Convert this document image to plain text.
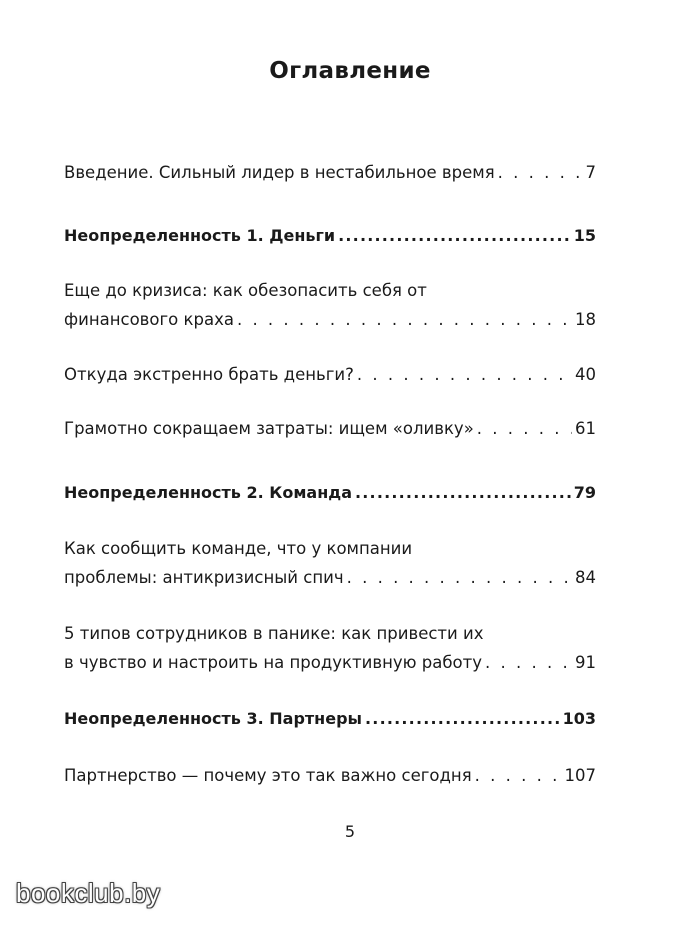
Оглавление
Введение. Сильный лидер в нестабильное время . . .	7
Неопределенность 1. Деньги .....	15
Еще до кризиса: как обезопасить себя от
финансового краха . . .	18
Откуда экстренно брать деньги? . . .	40
Грамотно сокращаем затраты: ищем «оливку» . . .	61
Неопределенность 2. Команда .....	79
Как сообщить команде, что у компании
проблемы: антикризисный спич . . .	84
5 типов сотрудников в панике: как привести их
в чувство и настроить на продуктивную работу . . .	91
Неопределенность 3. Партнеры .....	103
Партнерство — почему это так важно сегодня . . .	107
5
bookclub.by
